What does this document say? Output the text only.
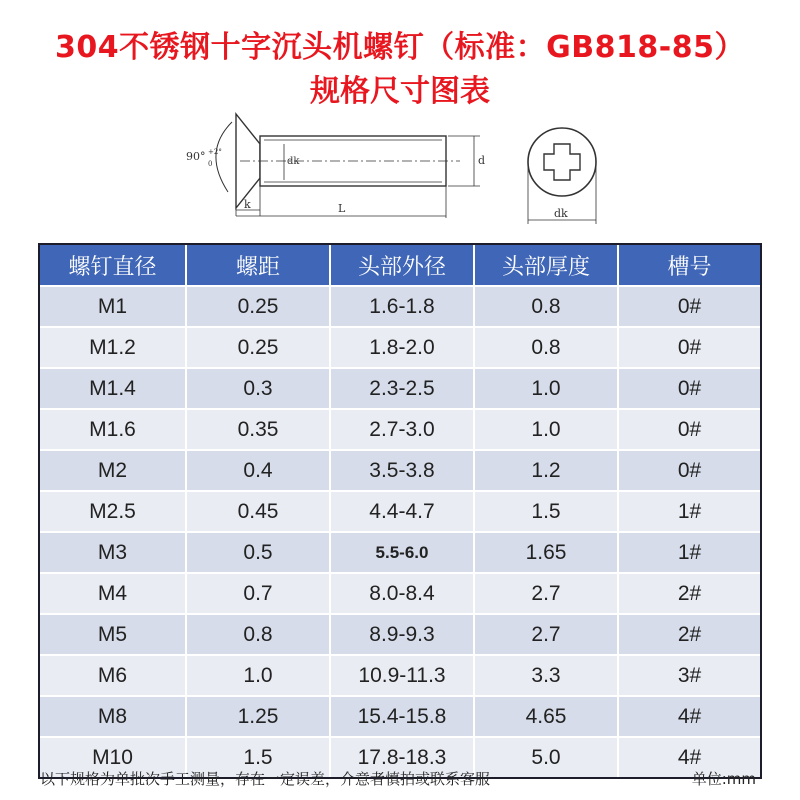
304不锈钢十字沉头机螺钉（标准：GB818-85）
规格尺寸图表
90° +2°
0	dk	d
k	L	dk
螺钉直径	螺距	头部外径	头部厚度	槽号
M1	0.25	1.6-1.8	0.8	0#
M1.2	0.25	1.8-2.0	0.8	0#
M1.4	0.3	2.3-2.5	1.0	0#
M1.6	0.35	2.7-3.0	1.0	0#
M2	0.4	3.5-3.8	1.2	0#
M2.5	0.45	4.4-4.7	1.5	1#
M3	0.5	5.5-6.0	1.65	1#
M4	0.7	8.0-8.4	2.7	2#
M5	0.8	8.9-9.3	2.7	2#
M6	1.0	10.9-11.3	3.3	3#
M8	1.25	15.4-15.8	4.65	4#
M10	1.5	17.8-18.3	5.0	4#
以下规格为单批次手工测量，存在一定误差，介意者慎拍或联系客服	单位:mm
